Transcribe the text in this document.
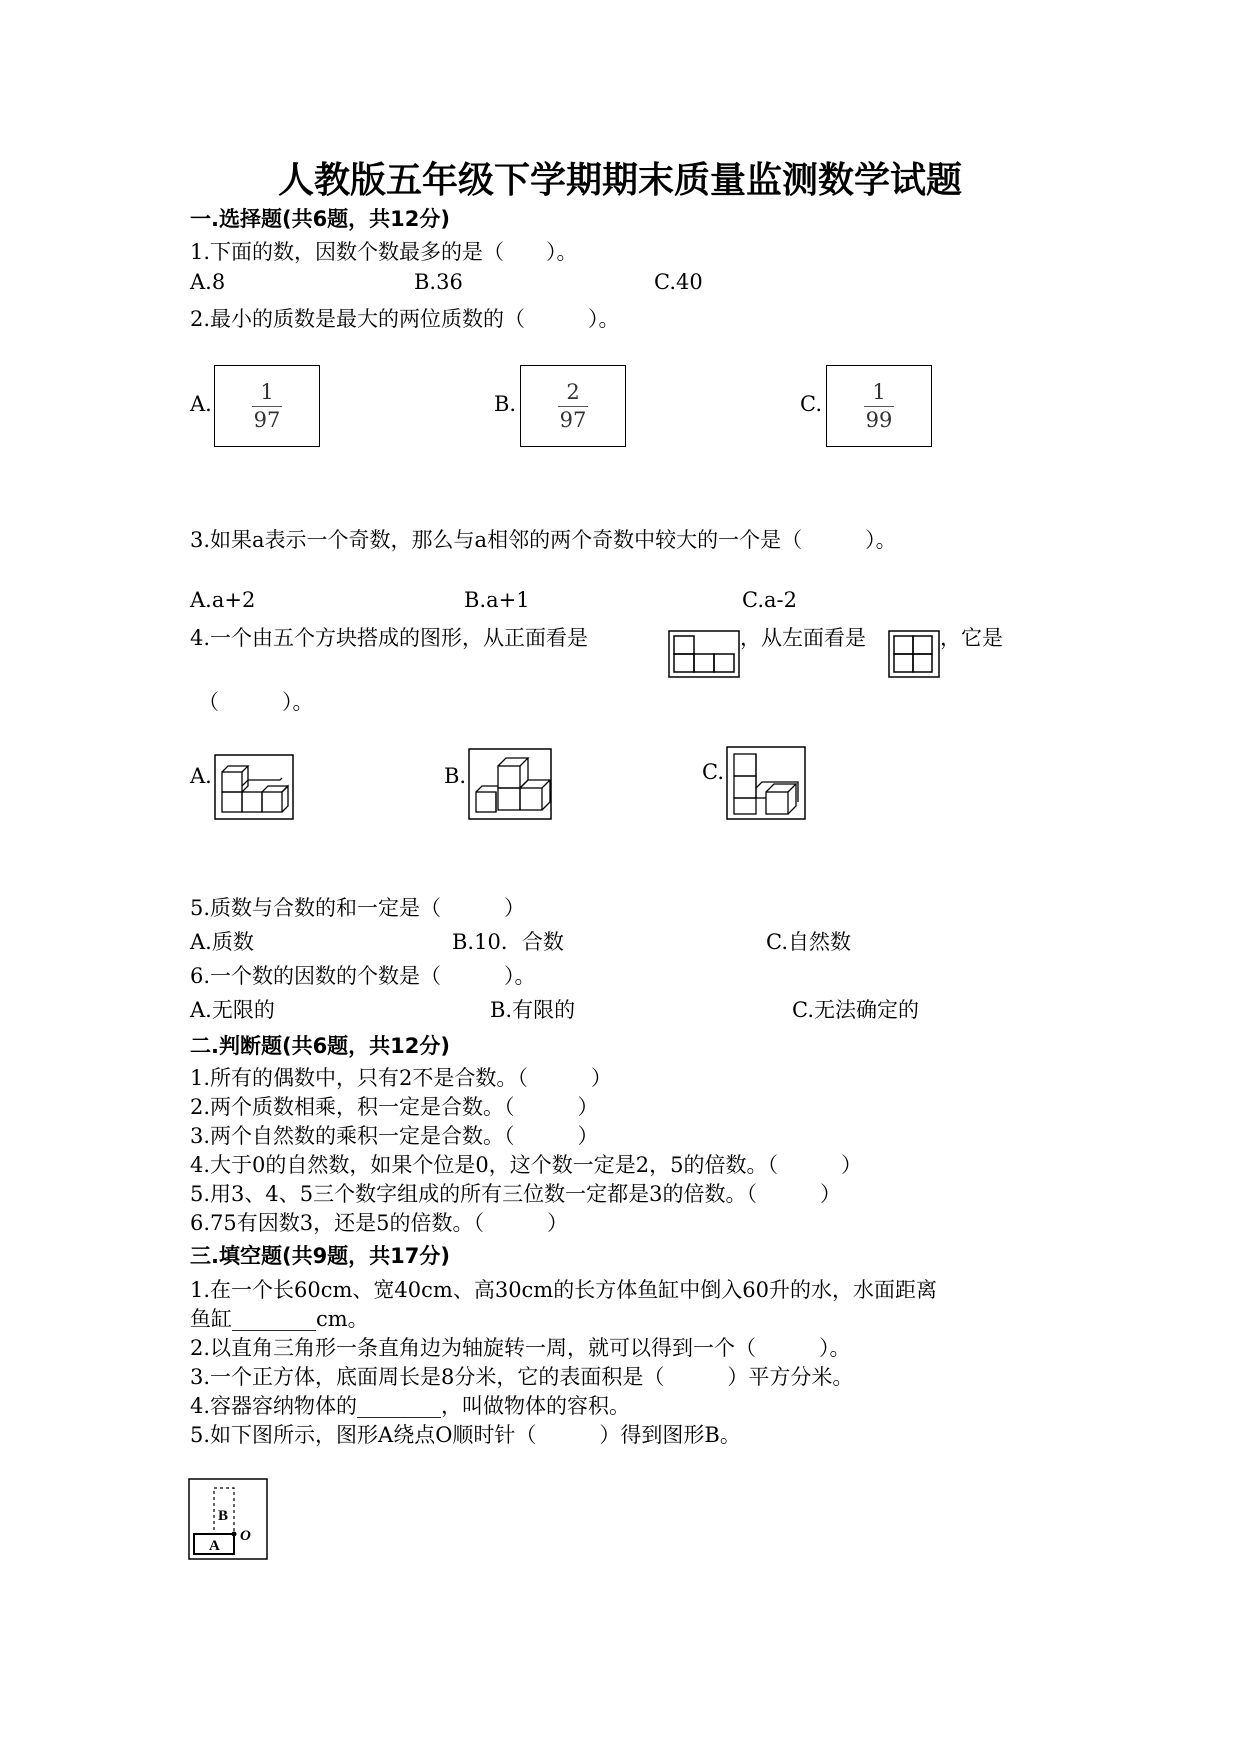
人教版五年级下学期期末质量监测数学试题
一.选择题(共6题，共12分)
1.下面的数，因数个数最多的是（　　）。
A.8	B.36	C.40
2.最小的质数是最大的两位质数的（　　　）。
A.	1
97
B.	2
97
C.	1
99
3.如果a表示一个奇数，那么与a相邻的两个奇数中较大的一个是（　　　）。
A.a+2	B.a+1	C.a-2
4.一个由五个方块搭成的图形，从正面看是	，从左面看是	，它是
（　　　）。
A.	B.	C.
5.质数与合数的和一定是（　　　）
A.质数	B.10．合数	C.自然数
6.一个数的因数的个数是（　　　）。
A.无限的	B.有限的	C.无法确定的
二.判断题(共6题，共12分)
1.所有的偶数中，只有2不是合数。（　　　）
2.两个质数相乘，积一定是合数。（　　　）
3.两个自然数的乘积一定是合数。（　　　）
4.大于0的自然数，如果个位是0，这个数一定是2，5的倍数。（　　　）
5.用3、4、5三个数字组成的所有三位数一定都是3的倍数。（　　　）
6.75有因数3，还是5的倍数。（　　　）
三.填空题(共9题，共17分)
1.在一个长60cm、宽40cm、高30cm的长方体鱼缸中倒入60升的水，水面距离
鱼缸________cm。
2.以直角三角形一条直角边为轴旋转一周，就可以得到一个（　　　）。
3.一个正方体，底面周长是8分米，它的表面积是（　　　）平方分米。
4.容器容纳物体的________，叫做物体的容积。
5.如下图所示，图形A绕点O顺时针（　　　）得到图形B。
B
A
O
